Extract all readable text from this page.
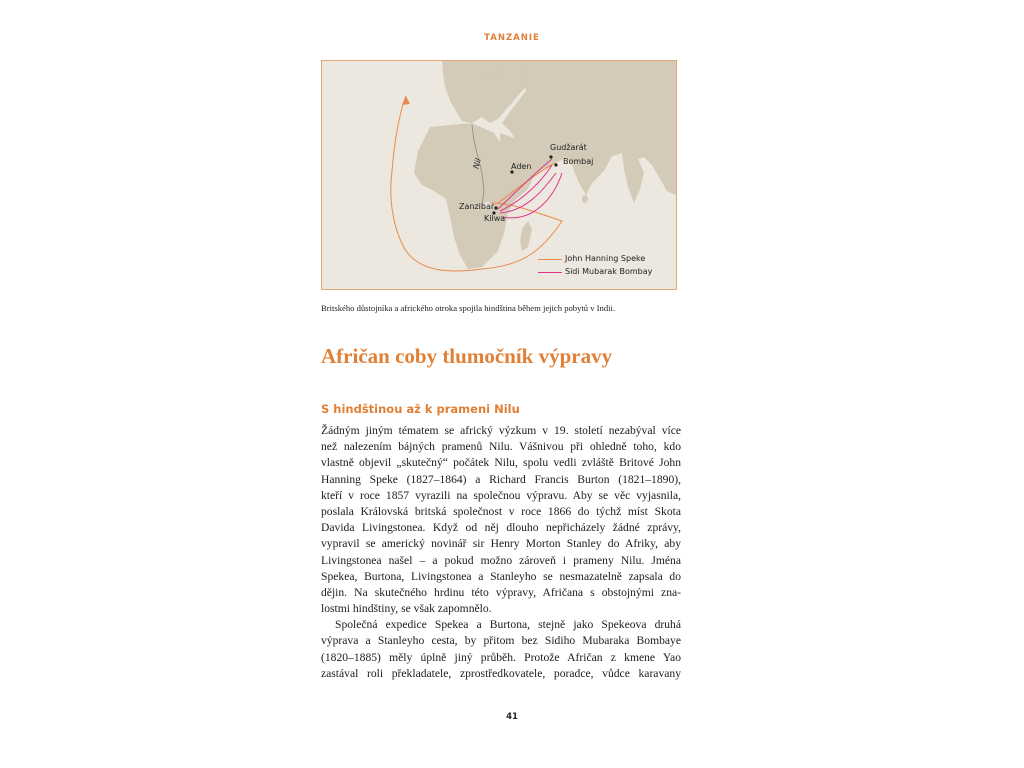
TANZANIE
Gudžarát
Bombaj
Aden
Nil
Zanzibar
Kilwa
John Hanning Speke
Sidi Mubarak Bombay
Britského důstojníka a afrického otroka spojila hindština během jejich pobytů v Indii.
Afričan coby tlumočník výpravy
S hindštinou až k prameni Nilu
Žádným jiným tématem se africký výzkum v 19. století nezabýval více
než nalezením bájných pramenů Nilu. Vášnivou při ohledně toho, kdo
vlastně objevil „skutečný“ počátek Nilu, spolu vedli zvláště Britové John
Hanning Speke (1827–1864) a Richard Francis Burton (1821–1890),
kteří v roce 1857 vyrazili na společnou výpravu. Aby se věc vyjasnila,
poslala Královská britská společnost v roce 1866 do týchž míst Skota
Davida Livingstonea. Když od něj dlouho nepřicházely žádné zprávy,
vypravil se americký novinář sir Henry Morton Stanley do Afriky, aby
Livingstonea našel – a pokud možno zároveň i prameny Nilu. Jména
Spekea, Burtona, Livingstonea a Stanleyho se nesmazatelně zapsala do
dějin. Na skutečného hrdinu této výpravy, Afričana s obstojnými zna-
lostmi hindštiny, se však zapomnělo.
Společná expedice Spekea a Burtona, stejně jako Spekeova druhá
výprava a Stanleyho cesta, by přitom bez Sidiho Mubaraka Bombaye
(1820–1885) měly úplně jiný průběh. Protože Afričan z kmene Yao
zastával roli překladatele, zprostředkovatele, poradce, vůdce karavany
41
